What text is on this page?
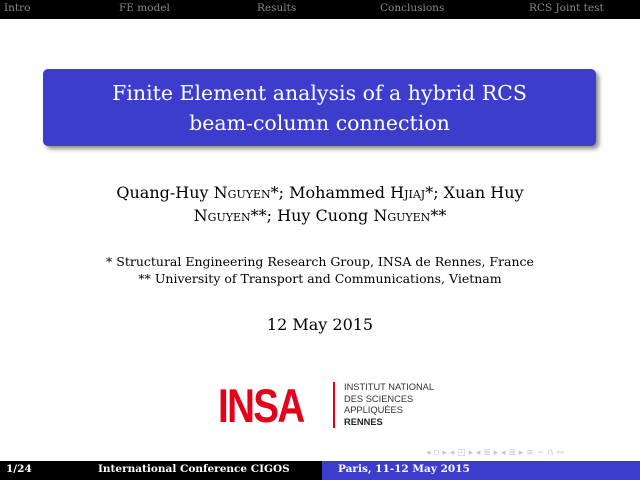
Intro	FE model	Results	Conclusions	RCS Joint test
Finite Element analysis of a hybrid RCS
beam-column connection
Quang-Huy Nguyen*; Mohammed Hjiaj*; Xuan Huy
Nguyen**; Huy Cuong Nguyen**
* Structural Engineering Research Group, INSA de Rennes, France
** University of Transport and Communications, Vietnam
12 May 2015
INSA	INSTITUT NATIONAL
DES SCIENCES
APPLIQUÉES
RENNES
◂ ▫ ▸ ◂ ◰ ▸ ◂ ≣ ▸ ◂ ≣ ▸ ≡ ∽ ∩ ∾
1/24	International Conference CIGOS	Paris, 11-12 May 2015
